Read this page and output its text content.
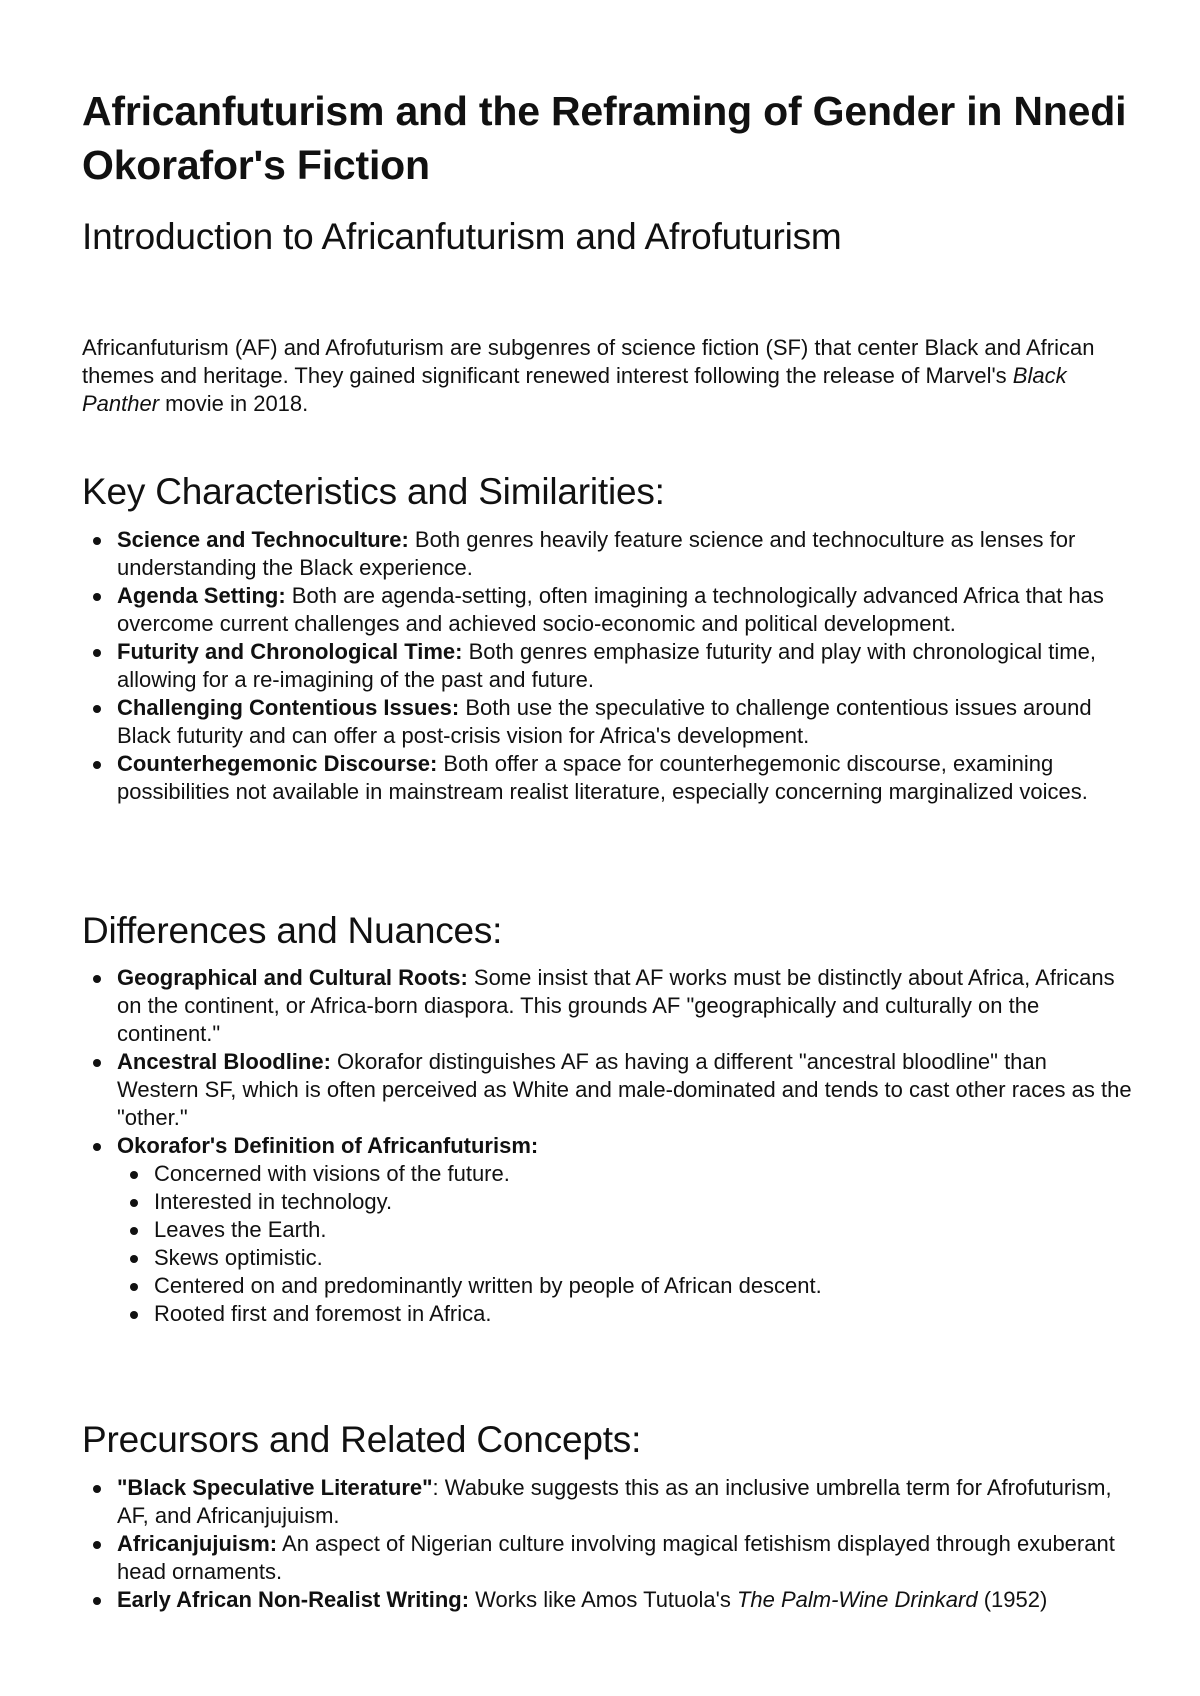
Africanfuturism and the Reframing of Gender in Nnedi Okorafor's Fiction
Introduction to Africanfuturism and Afrofuturism

Africanfuturism (AF) and Afrofuturism are subgenres of science fiction (SF) that center Black and African themes and heritage. They gained significant renewed interest following the release of Marvel's Black Panther movie in 2018.

Key Characteristics and Similarities:
Science and Technoculture: Both genres heavily feature science and technoculture as lenses for understanding the Black experience.
Agenda Setting: Both are agenda-setting, often imagining a technologically advanced Africa that has overcome current challenges and achieved socio-economic and political development.
Futurity and Chronological Time: Both genres emphasize futurity and play with chronological time, allowing for a re-imagining of the past and future.
Challenging Contentious Issues: Both use the speculative to challenge contentious issues around Black futurity and can offer a post-crisis vision for Africa's development.
Counterhegemonic Discourse: Both offer a space for counterhegemonic discourse, examining possibilities not available in mainstream realist literature, especially concerning marginalized voices.
Differences and Nuances:
Geographical and Cultural Roots: Some insist that AF works must be distinctly about Africa, Africans on the continent, or Africa-born diaspora. This grounds AF "geographically and culturally on the continent."
Ancestral Bloodline: Okorafor distinguishes AF as having a different "ancestral bloodline" than Western SF, which is often perceived as White and male-dominated and tends to cast other races as the "other."
Okorafor's Definition of Africanfuturism:
Concerned with visions of the future.
Interested in technology.
Leaves the Earth.
Skews optimistic.
Centered on and predominantly written by people of African descent.
Rooted first and foremost in Africa.
Precursors and Related Concepts:
"Black Speculative Literature": Wabuke suggests this as an inclusive umbrella term for Afrofuturism, AF, and Africanjujuism.
Africanjujuism: An aspect of Nigerian culture involving magical fetishism displayed through exuberant head ornaments.
Early African Non-Realist Writing: Works like Amos Tutuola's The Palm-Wine Drinkard (1952)
